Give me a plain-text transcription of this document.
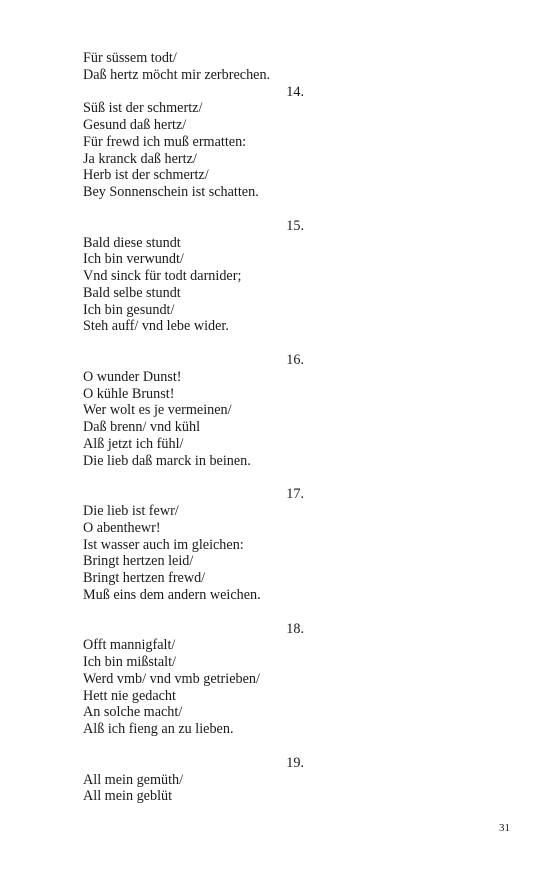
Für süssem todt/
Daß hertz möcht mir zerbrechen.
14.
Süß ist der schmertz/
Gesund daß hertz/
Für frewd ich muß ermatten:
Ja kranck daß hertz/
Herb ist der schmertz/
Bey Sonnenschein ist schatten.
15.
Bald diese stundt
Ich bin verwundt/
Vnd sinck für todt darnider;
Bald selbe stundt
Ich bin gesundt/
Steh auff/ vnd lebe wider.
16.
O wunder Dunst!
O kühle Brunst!
Wer wolt es je vermeinen/
Daß brenn/ vnd kühl
Alß jetzt ich fühl/
Die lieb daß marck in beinen.
17.
Die lieb ist fewr/
O abenthewr!
Ist wasser auch im gleichen:
Bringt hertzen leid/
Bringt hertzen frewd/
Muß eins dem andern weichen.
18.
Offt mannigfalt/
Ich bin mißstalt/
Werd vmb/ vnd vmb getrieben/
Hett nie gedacht
An solche macht/
Alß ich fieng an zu lieben.
19.
All mein gemüth/
All mein geblüt
31
